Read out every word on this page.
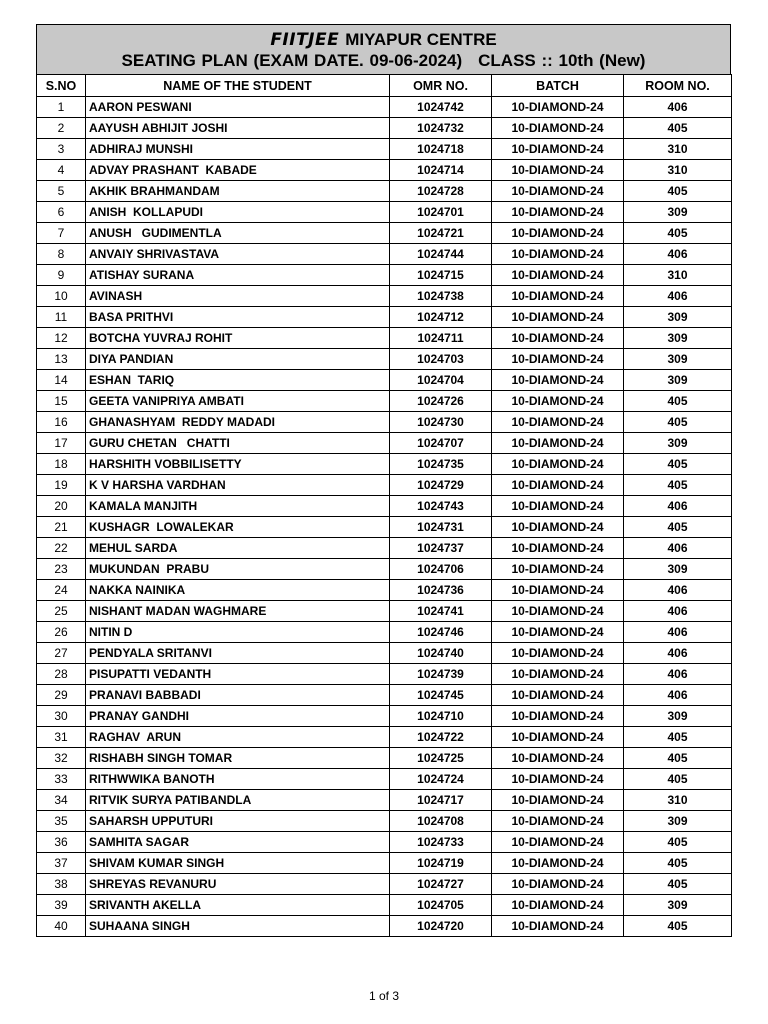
FIITJEE MIYAPUR CENTRE
SEATING PLAN (EXAM DATE. 09-06-2024) CLASS :: 10th (New)
S.NO	NAME OF THE STUDENT	OMR NO.	BATCH	ROOM NO.
1	AARON PESWANI	1024742	10-DIAMOND-24	406
2	AAYUSH ABHIJIT JOSHI	1024732	10-DIAMOND-24	405
3	ADHIRAJ MUNSHI	1024718	10-DIAMOND-24	310
4	ADVAY PRASHANT  KABADE	1024714	10-DIAMOND-24	310
5	AKHIK BRAHMANDAM	1024728	10-DIAMOND-24	405
6	ANISH  KOLLAPUDI	1024701	10-DIAMOND-24	309
7	ANUSH   GUDIMENTLA	1024721	10-DIAMOND-24	405
8	ANVAIY SHRIVASTAVA	1024744	10-DIAMOND-24	406
9	ATISHAY SURANA	1024715	10-DIAMOND-24	310
10	AVINASH	1024738	10-DIAMOND-24	406
11	BASA PRITHVI	1024712	10-DIAMOND-24	309
12	BOTCHA YUVRAJ ROHIT	1024711	10-DIAMOND-24	309
13	DIYA PANDIAN	1024703	10-DIAMOND-24	309
14	ESHAN  TARIQ	1024704	10-DIAMOND-24	309
15	GEETA VANIPRIYA AMBATI	1024726	10-DIAMOND-24	405
16	GHANASHYAM  REDDY MADADI	1024730	10-DIAMOND-24	405
17	GURU CHETAN   CHATTI	1024707	10-DIAMOND-24	309
18	HARSHITH VOBBILISETTY	1024735	10-DIAMOND-24	405
19	K V HARSHA VARDHAN	1024729	10-DIAMOND-24	405
20	KAMALA MANJITH	1024743	10-DIAMOND-24	406
21	KUSHAGR  LOWALEKAR	1024731	10-DIAMOND-24	405
22	MEHUL SARDA	1024737	10-DIAMOND-24	406
23	MUKUNDAN  PRABU	1024706	10-DIAMOND-24	309
24	NAKKA NAINIKA	1024736	10-DIAMOND-24	406
25	NISHANT MADAN WAGHMARE	1024741	10-DIAMOND-24	406
26	NITIN D	1024746	10-DIAMOND-24	406
27	PENDYALA SRITANVI	1024740	10-DIAMOND-24	406
28	PISUPATTI VEDANTH	1024739	10-DIAMOND-24	406
29	PRANAVI BABBADI	1024745	10-DIAMOND-24	406
30	PRANAY GANDHI	1024710	10-DIAMOND-24	309
31	RAGHAV  ARUN	1024722	10-DIAMOND-24	405
32	RISHABH SINGH TOMAR	1024725	10-DIAMOND-24	405
33	RITHWWIKA BANOTH	1024724	10-DIAMOND-24	405
34	RITVIK SURYA PATIBANDLA	1024717	10-DIAMOND-24	310
35	SAHARSH UPPUTURI	1024708	10-DIAMOND-24	309
36	SAMHITA SAGAR	1024733	10-DIAMOND-24	405
37	SHIVAM KUMAR SINGH	1024719	10-DIAMOND-24	405
38	SHREYAS REVANURU	1024727	10-DIAMOND-24	405
39	SRIVANTH AKELLA	1024705	10-DIAMOND-24	309
40	SUHAANA SINGH	1024720	10-DIAMOND-24	405
1 of 3
